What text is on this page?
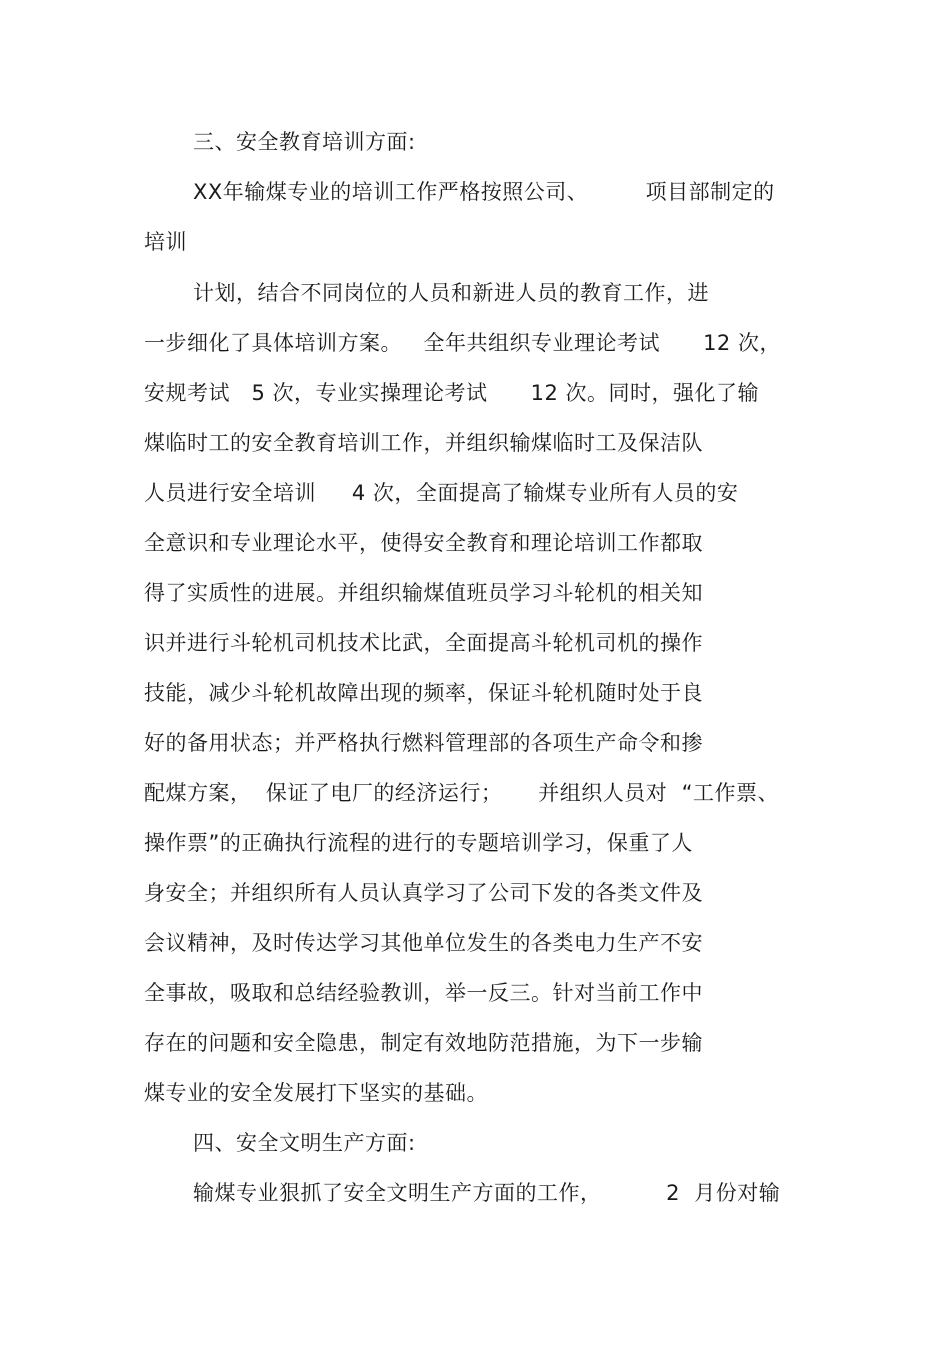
三、安全教育培训方面:
XX年输煤专业的培训工作严格按照公司、        项目部制定的
培训
计划，结合不同岗位的人员和新进人员的教育工作，进
一步细化了具体培训方案。   全年共组织专业理论考试      12 次，
安规考试   5 次，专业实操理论考试      12 次。同时，强化了输
煤临时工的安全教育培训工作，并组织输煤临时工及保洁队
人员进行安全培训     4 次，全面提高了输煤专业所有人员的安
全意识和专业理论水平，使得安全教育和理论培训工作都取
得了实质性的进展。并组织输煤值班员学习斗轮机的相关知
识并进行斗轮机司机技术比武，全面提高斗轮机司机的操作
技能，减少斗轮机故障出现的频率，保证斗轮机随时处于良
好的备用状态；并严格执行燃料管理部的各项生产命令和掺
配煤方案，  保证了电厂的经济运行；     并组织人员对  “工作票、
操作票”的正确执行流程的进行的专题培训学习，保重了人
身安全；并组织所有人员认真学习了公司下发的各类文件及
会议精神，及时传达学习其他单位发生的各类电力生产不安
全事故，吸取和总结经验教训，举一反三。针对当前工作中
存在的问题和安全隐患，制定有效地防范措施，为下一步输
煤专业的安全发展打下坚实的基础。
四、安全文明生产方面:
输煤专业狠抓了安全文明生产方面的工作，         2  月份对输
